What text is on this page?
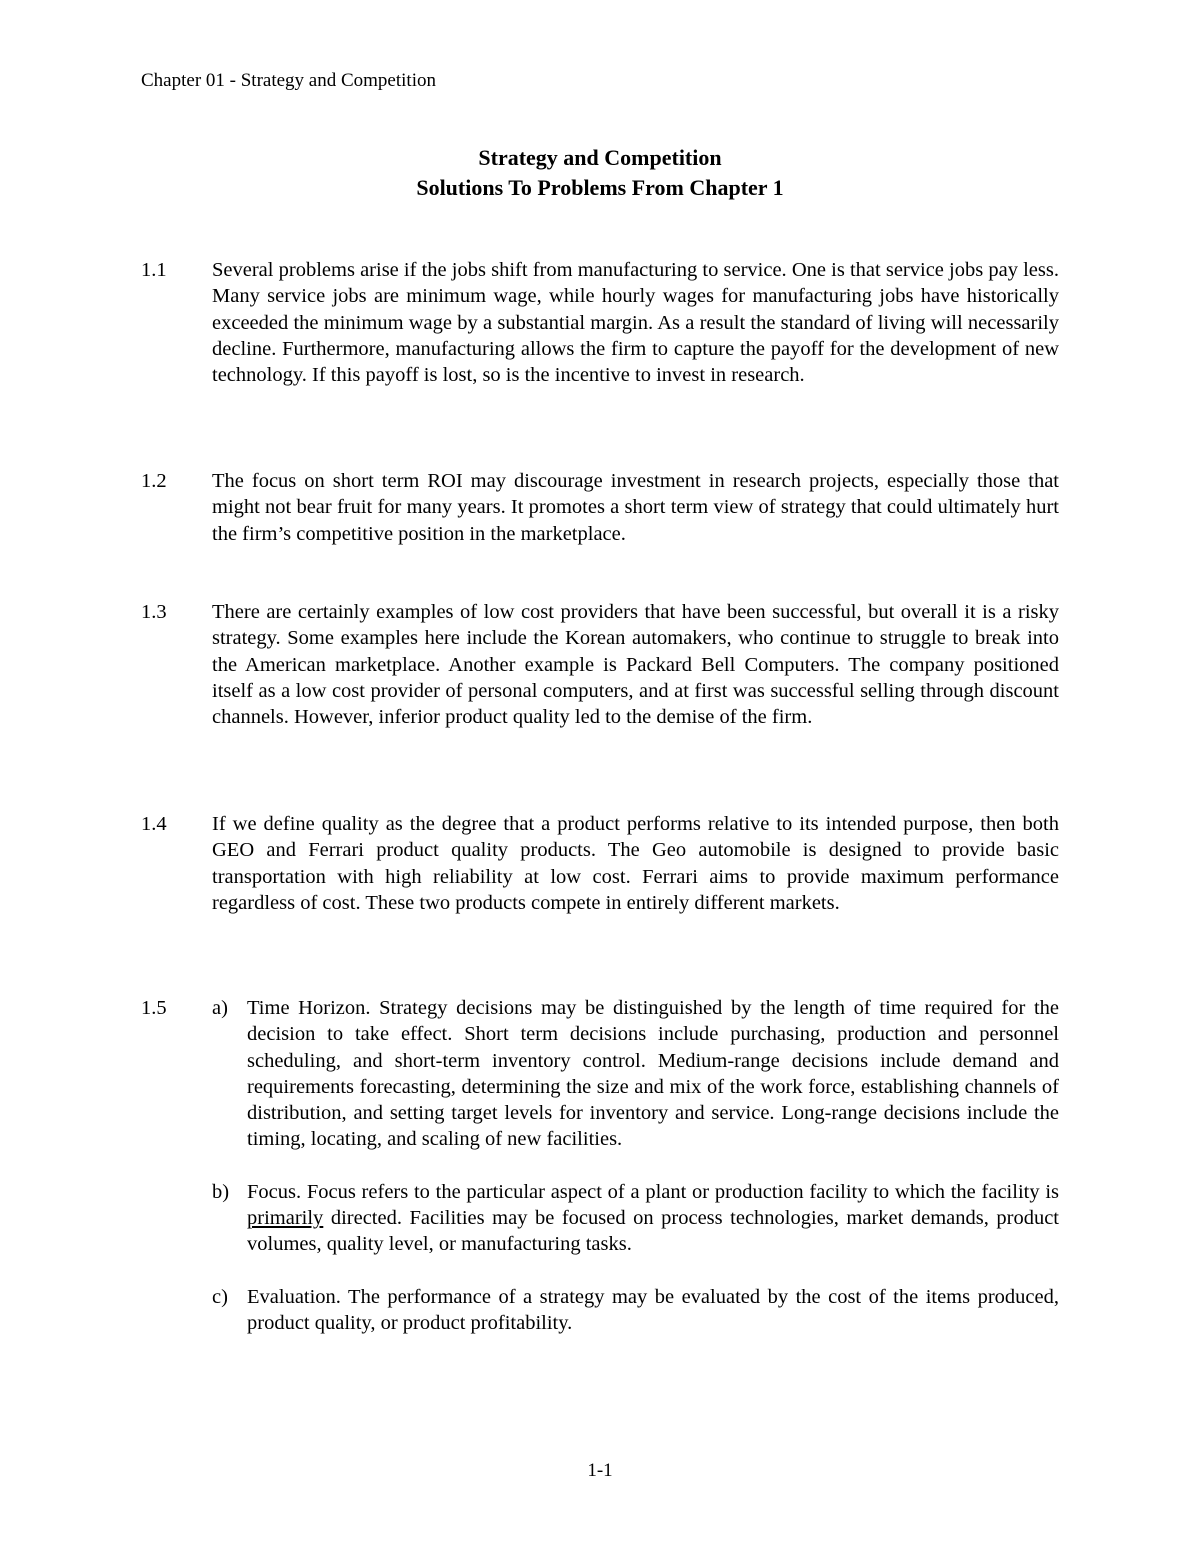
Chapter 01 - Strategy and Competition
Strategy and Competition
Solutions To Problems From Chapter 1
1.1	Several problems arise if the jobs shift from manufacturing to service. One is that service jobs pay less. Many service jobs are minimum wage, while hourly wages for manufacturing jobs have historically exceeded the minimum wage by a substantial margin. As a result the standard of living will necessarily decline. Furthermore, manufacturing allows the firm to capture the payoff for the development of new technology. If this payoff is lost, so is the incentive to invest in research.
1.2	The focus on short term ROI may discourage investment in research projects, especially those that might not bear fruit for many years. It promotes a short term view of strategy that could ultimately hurt the firm’s competitive position in the marketplace.
1.3	There are certainly examples of low cost providers that have been successful, but overall it is a risky strategy. Some examples here include the Korean automakers, who continue to struggle to break into the American marketplace. Another example is Packard Bell Computers. The company positioned itself as a low cost provider of personal computers, and at first was successful selling through discount channels. However, inferior product quality led to the demise of the firm.
1.4	If we define quality as the degree that a product performs relative to its intended purpose, then both GEO and Ferrari product quality products. The Geo automobile is designed to provide basic transportation with high reliability at low cost. Ferrari aims to provide maximum performance regardless of cost. These two products compete in entirely different markets.
1.5	a) Time Horizon. Strategy decisions may be distinguished by the length of time required for the decision to take effect. Short term decisions include purchasing, production and personnel scheduling, and short-term inventory control. Medium-range decisions include demand and requirements forecasting, determining the size and mix of the work force, establishing channels of distribution, and setting target levels for inventory and service. Long-range decisions include the timing, locating, and scaling of new facilities.
b) Focus. Focus refers to the particular aspect of a plant or production facility to which the facility is primarily directed. Facilities may be focused on process technologies, market demands, product volumes, quality level, or manufacturing tasks.
c) Evaluation. The performance of a strategy may be evaluated by the cost of the items produced, product quality, or product profitability.
1-1
